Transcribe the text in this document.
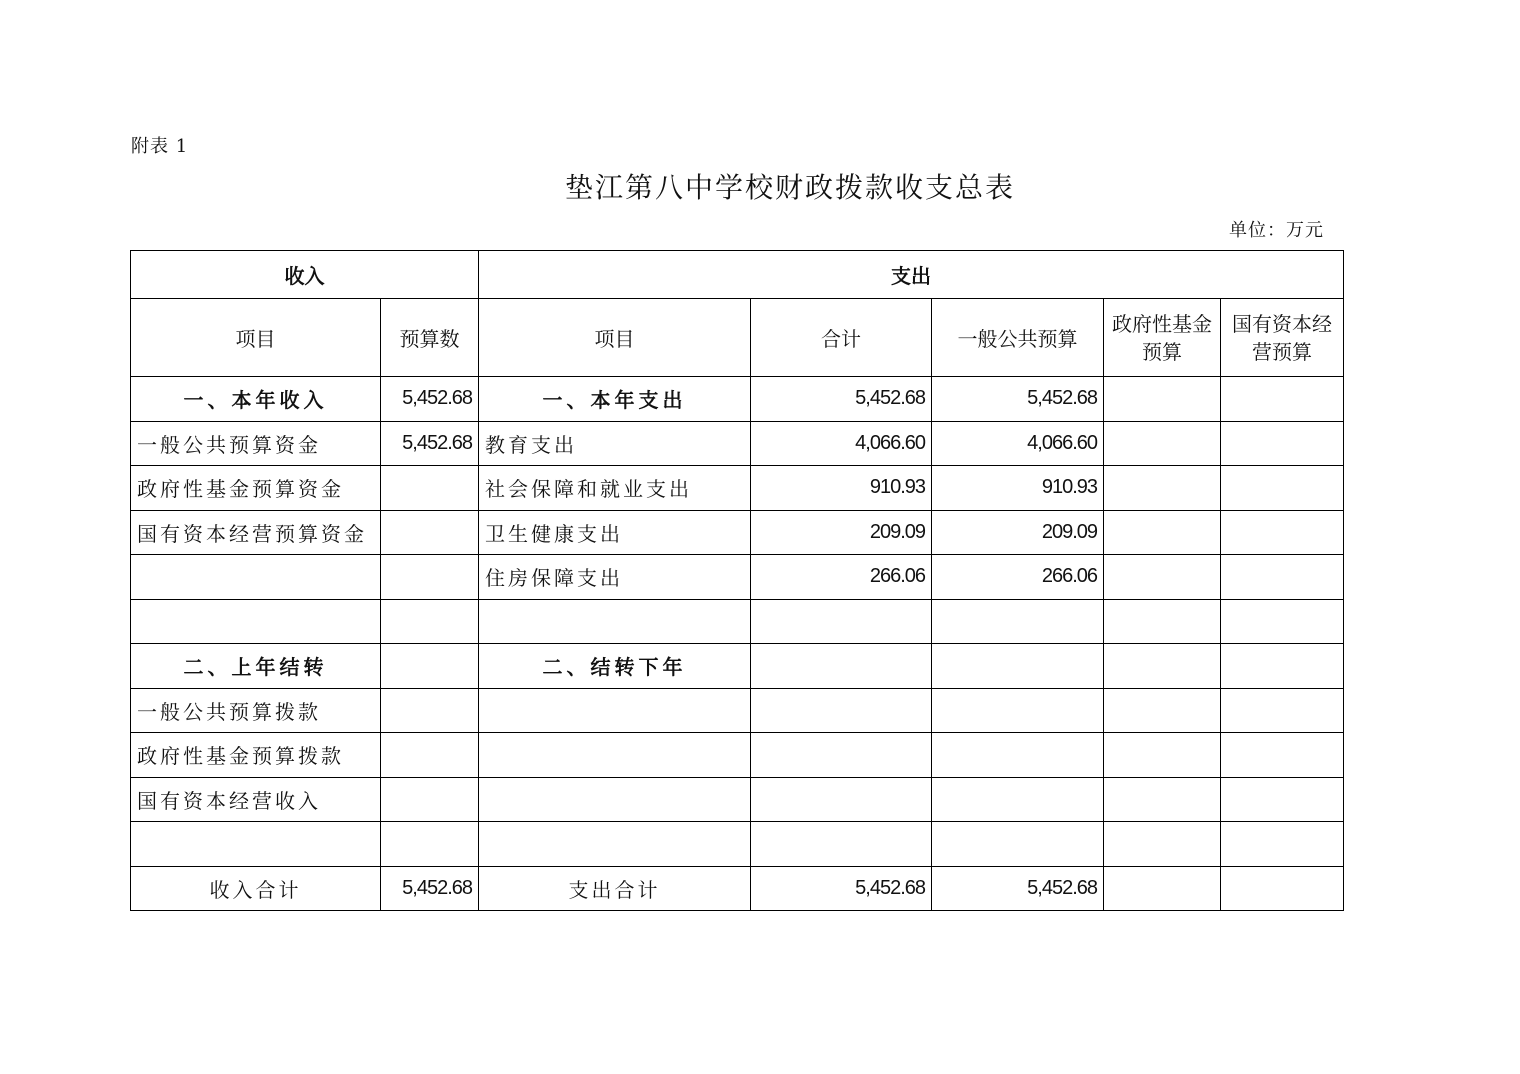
附表 1
垫江第八中学校财政拨款收支总表
单位：万元
收入		支出				
项目	预算数	项目	合计	一般公共预算	政府性基金预算	国有资本经营预算
一、本年收入	5,452.68	一、本年支出	5,452.68	5,452.68		
一般公共预算资金	5,452.68	教育支出	4,066.60	4,066.60		
政府性基金预算资金		社会保障和就业支出	910.93	910.93		
国有资本经营预算资金		卫生健康支出	209.09	209.09		
		住房保障支出	266.06	266.06		

二、上年结转		二、结转下年				
一般公共预算拨款						
政府性基金预算拨款						
国有资本经营收入						

收入合计	5,452.68	支出合计	5,452.68	5,452.68		
